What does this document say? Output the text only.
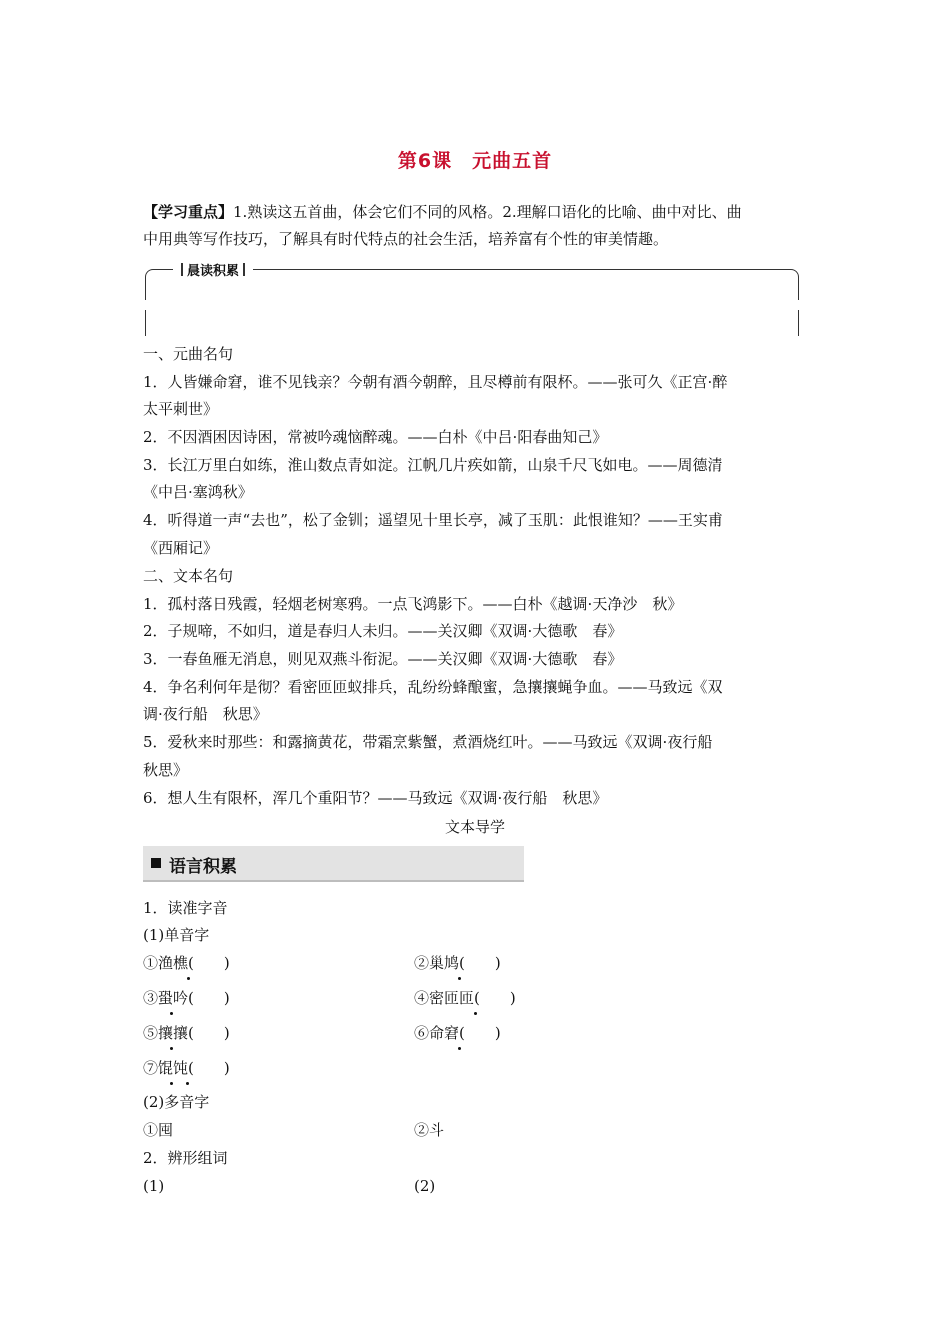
第6课　元曲五首
【学习重点】1.熟读这五首曲，体会它们不同的风格。2.理解口语化的比喻、曲中对比、曲
中用典等写作技巧，了解具有时代特点的社会生活，培养富有个性的审美情趣。
晨读积累
一、元曲名句
1．人皆嫌命窘，谁不见钱亲？今朝有酒今朝醉，且尽樽前有限杯。——张可久《正宫·醉
太平刺世》
2．不因酒困因诗困，常被吟魂恼醉魂。——白朴《中吕·阳春曲知己》
3．长江万里白如练，淮山数点青如淀。江帆几片疾如箭，山泉千尺飞如电。——周德清
《中吕·塞鸿秋》
4．听得道一声“去也”，松了金钏；遥望见十里长亭，减了玉肌：此恨谁知？——王实甫
《西厢记》
二、文本名句
1．孤村落日残霞，轻烟老树寒鸦。一点飞鸿影下。——白朴《越调·天净沙　秋》
2．子规啼，不如归，道是春归人未归。——关汉卿《双调·大德歌　春》
3．一春鱼雁无消息，则见双燕斗衔泥。——关汉卿《双调·大德歌　春》
4．争名利何年是彻？看密匝匝蚁排兵，乱纷纷蜂酿蜜，急攘攘蝇争血。——马致远《双
调·夜行船　秋思》
5．爱秋来时那些：和露摘黄花，带霜烹紫蟹，煮酒烧红叶。——马致远《双调·夜行船
秋思》
6．想人生有限杯，浑几个重阳节？——马致远《双调·夜行船　秋思》
文本导学
语言积累
1．读准字音
(1)单音字
①渔樵(　　)	②巢鸠(　　)
③蛩吟(　　)	④密匝匝(　　)
⑤攘攘(　　)	⑥命窘(　　)
⑦馄饨(　　)
(2)多音字
①囤	②斗
2．辨形组词
(1)	(2)
